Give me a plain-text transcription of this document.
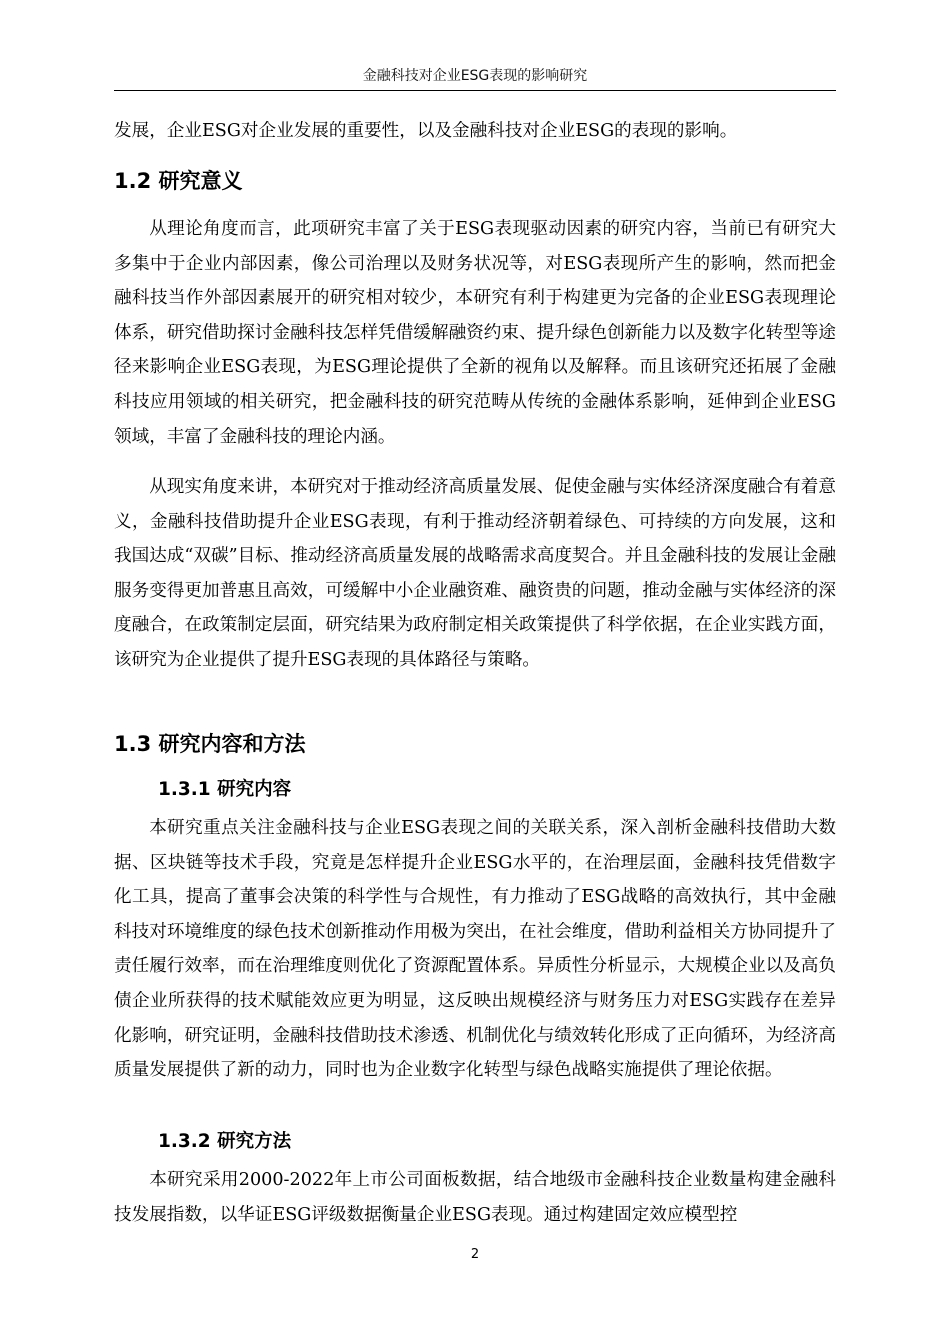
金融科技对企业ESG表现的影响研究

发展，企业ESG对企业发展的重要性，以及金融科技对企业ESG的表现的影响。

1.2 研究意义

从理论角度而言，此项研究丰富了关于ESG表现驱动因素的研究内容，当前已有研究大多集中于企业内部因素，像公司治理以及财务状况等，对ESG表现所产生的影响，然而把金融科技当作外部因素展开的研究相对较少，本研究有利于构建更为完备的企业ESG表现理论体系，研究借助探讨金融科技怎样凭借缓解融资约束、提升绿色创新能力以及数字化转型等途径来影响企业ESG表现，为ESG理论提供了全新的视角以及解释。而且该研究还拓展了金融科技应用领域的相关研究，把金融科技的研究范畴从传统的金融体系影响，延伸到企业ESG领域，丰富了金融科技的理论内涵。

从现实角度来讲，本研究对于推动经济高质量发展、促使金融与实体经济深度融合有着意义，金融科技借助提升企业ESG表现，有利于推动经济朝着绿色、可持续的方向发展，这和我国达成“双碳”目标、推动经济高质量发展的战略需求高度契合。并且金融科技的发展让金融服务变得更加普惠且高效，可缓解中小企业融资难、融资贵的问题，推动金融与实体经济的深度融合，在政策制定层面，研究结果为政府制定相关政策提供了科学依据，在企业实践方面，该研究为企业提供了提升ESG表现的具体路径与策略。

1.3 研究内容和方法
1.3.1 研究内容

本研究重点关注金融科技与企业ESG表现之间的关联关系，深入剖析金融科技借助大数据、区块链等技术手段，究竟是怎样提升企业ESG水平的，在治理层面，金融科技凭借数字化工具，提高了董事会决策的科学性与合规性，有力推动了ESG战略的高效执行，其中金融科技对环境维度的绿色技术创新推动作用极为突出，在社会维度，借助利益相关方协同提升了责任履行效率，而在治理维度则优化了资源配置体系。异质性分析显示，大规模企业以及高负债企业所获得的技术赋能效应更为明显，这反映出规模经济与财务压力对ESG实践存在差异化影响，研究证明，金融科技借助技术渗透、机制优化与绩效转化形成了正向循环，为经济高质量发展提供了新的动力，同时也为企业数字化转型与绿色战略实施提供了理论依据。

1.3.2 研究方法

本研究采用2000-2022年上市公司面板数据，结合地级市金融科技企业数量构建金融科技发展指数，以华证ESG评级数据衡量企业ESG表现。通过构建固定效应模型控

2
